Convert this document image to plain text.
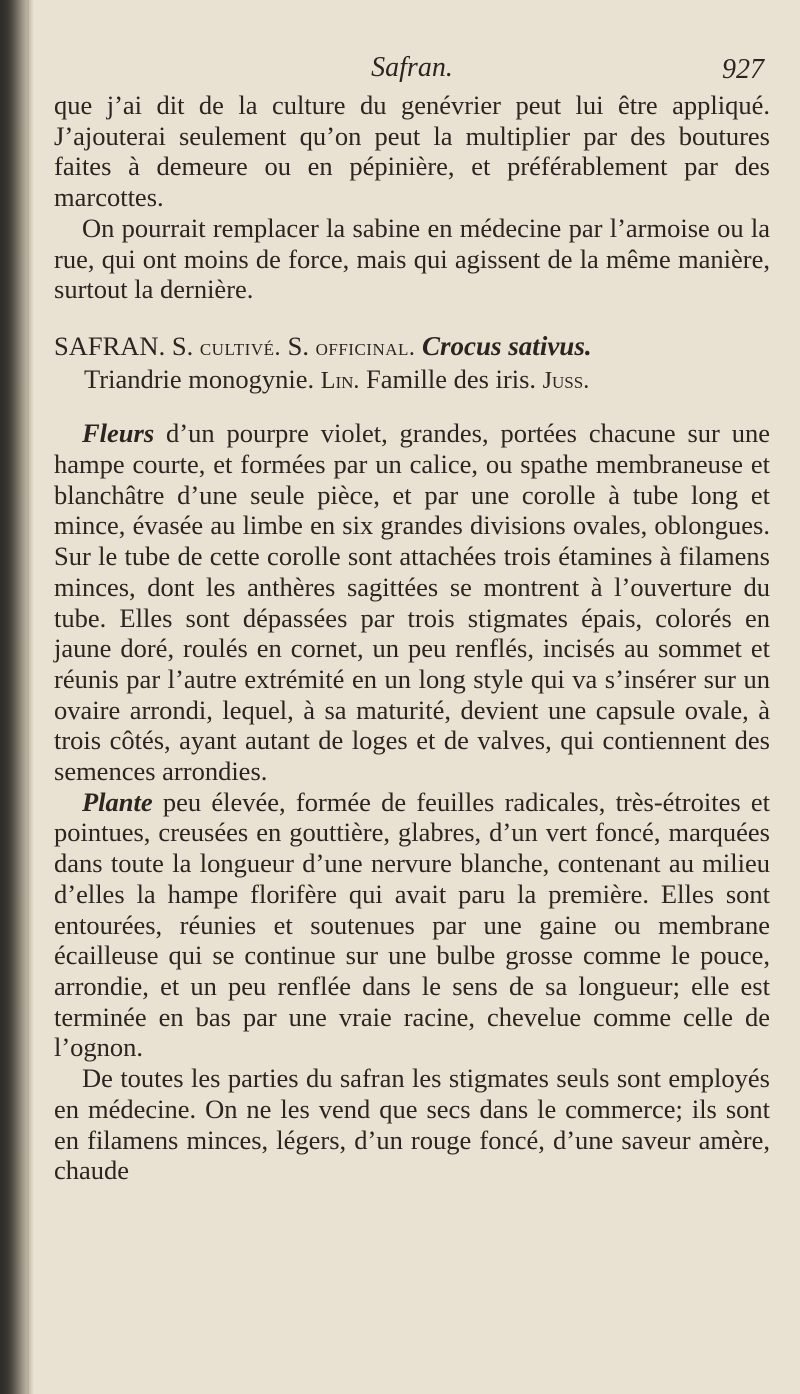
Safran.	927

que j’ai dit de la culture du genévrier peut lui être appliqué. J’ajouterai seulement qu’on peut la multiplier par des boutures faites à demeure ou en pépinière, et préférablement par des marcottes.

On pourrait remplacer la sabine en médecine par l’armoise ou la rue, qui ont moins de force, mais qui agissent de la même manière, surtout la dernière.

SAFRAN. S. cultivé. S. officinal. Crocus sativus.

Triandrie monogynie. Lin. Famille des iris. Juss.

Fleurs d’un pourpre violet, grandes, portées chacune sur une hampe courte, et formées par un calice, ou spathe membraneuse et blanchâtre d’une seule pièce, et par une corolle à tube long et mince, évasée au limbe en six grandes divisions ovales, oblongues. Sur le tube de cette corolle sont attachées trois étamines à filamens minces, dont les anthères sagittées se montrent à l’ouverture du tube. Elles sont dépassées par trois stigmates épais, colorés en jaune doré, roulés en cornet, un peu renflés, incisés au sommet et réunis par l’autre extrémité en un long style qui va s’insérer sur un ovaire arrondi, lequel, à sa maturité, devient une capsule ovale, à trois côtés, ayant autant de loges et de valves, qui contiennent des semences arrondies.

Plante peu élevée, formée de feuilles radicales, très-étroites et pointues, creusées en gouttière, glabres, d’un vert foncé, marquées dans toute la longueur d’une nervure blanche, contenant au milieu d’elles la hampe florifère qui avait paru la première. Elles sont entourées, réunies et soutenues par une gaine ou membrane écailleuse qui se continue sur une bulbe grosse comme le pouce, arrondie, et un peu renflée dans le sens de sa longueur; elle est terminée en bas par une vraie racine, chevelue comme celle de l’ognon.

De toutes les parties du safran les stigmates seuls sont employés en médecine. On ne les vend que secs dans le commerce; ils sont en filamens minces, légers, d’un rouge foncé, d’une saveur amère, chaude
